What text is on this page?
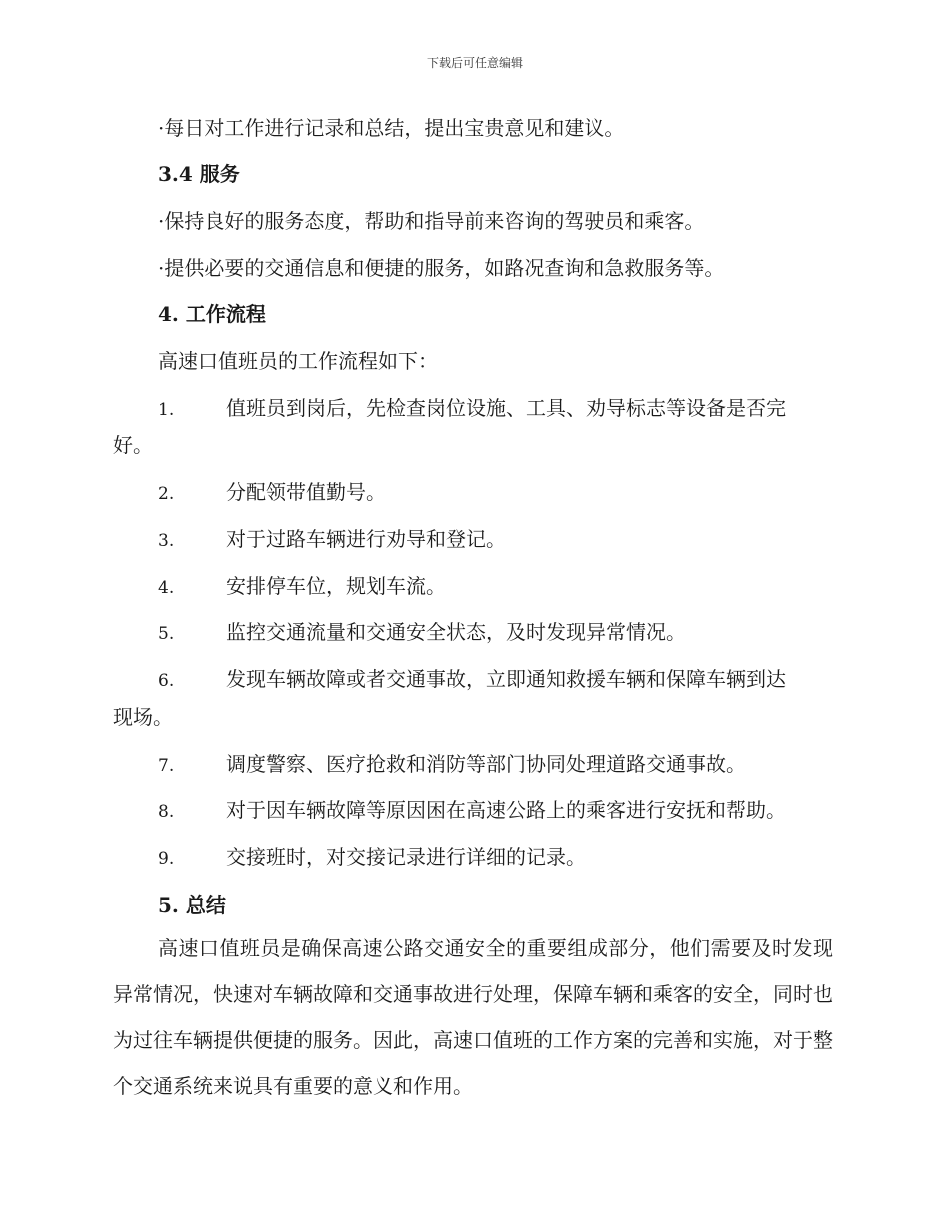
下载后可任意编辑
·每日对工作进行记录和总结，提出宝贵意见和建议。
3.4 服务
·保持良好的服务态度，帮助和指导前来咨询的驾驶员和乘客。
·提供必要的交通信息和便捷的服务，如路况查询和急救服务等。
4. 工作流程
高速口值班员的工作流程如下：
1.	值班员到岗后，先检查岗位设施、工具、劝导标志等设备是否完
好。
2.	分配领带值勤号。
3.	对于过路车辆进行劝导和登记。
4.	安排停车位，规划车流。
5.	监控交通流量和交通安全状态，及时发现异常情况。
6.	发现车辆故障或者交通事故，立即通知救援车辆和保障车辆到达
现场。
7.	调度警察、医疗抢救和消防等部门协同处理道路交通事故。
8.	对于因车辆故障等原因困在高速公路上的乘客进行安抚和帮助。
9.	交接班时，对交接记录进行详细的记录。
5. 总结

高速口值班员是确保高速公路交通安全的重要组成部分，他们需要及时发现异常情况，快速对车辆故障和交通事故进行处理，保障车辆和乘客的安全，同时也为过往车辆提供便捷的服务。因此，高速口值班的工作方案的完善和实施，对于整个交通系统来说具有重要的意义和作用。
